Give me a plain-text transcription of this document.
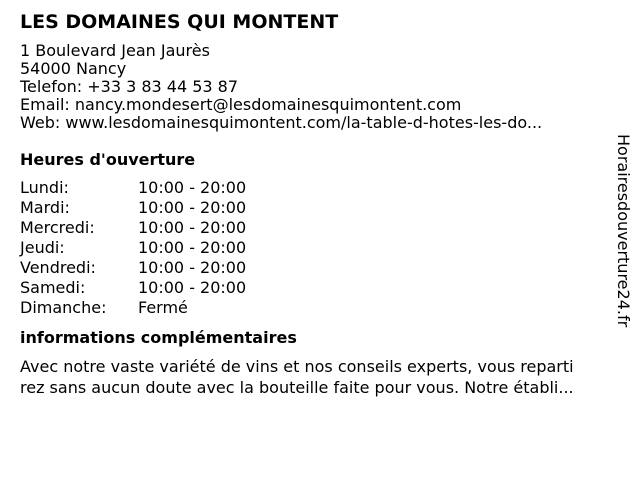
LES DOMAINES QUI MONTENT
1 Boulevard Jean Jaurès
54000 Nancy
Telefon: +33 3 83 44 53 87
Email: nancy.mondesert@lesdomainesquimontent.com
Web: www.lesdomainesquimontent.com/la-table-d-hotes-les-do...
Heures d'ouverture
Lundi:	10:00 - 20:00
Mardi:	10:00 - 20:00
Mercredi:	10:00 - 20:00
Jeudi:	10:00 - 20:00
Vendredi:	10:00 - 20:00
Samedi:	10:00 - 20:00
Dimanche:	Fermé
informations complémentaires
Avec notre vaste variété de vins et nos conseils experts, vous reparti
rez sans aucun doute avec la bouteille faite pour vous. Notre établi...
Horairesdouverture24.fr
